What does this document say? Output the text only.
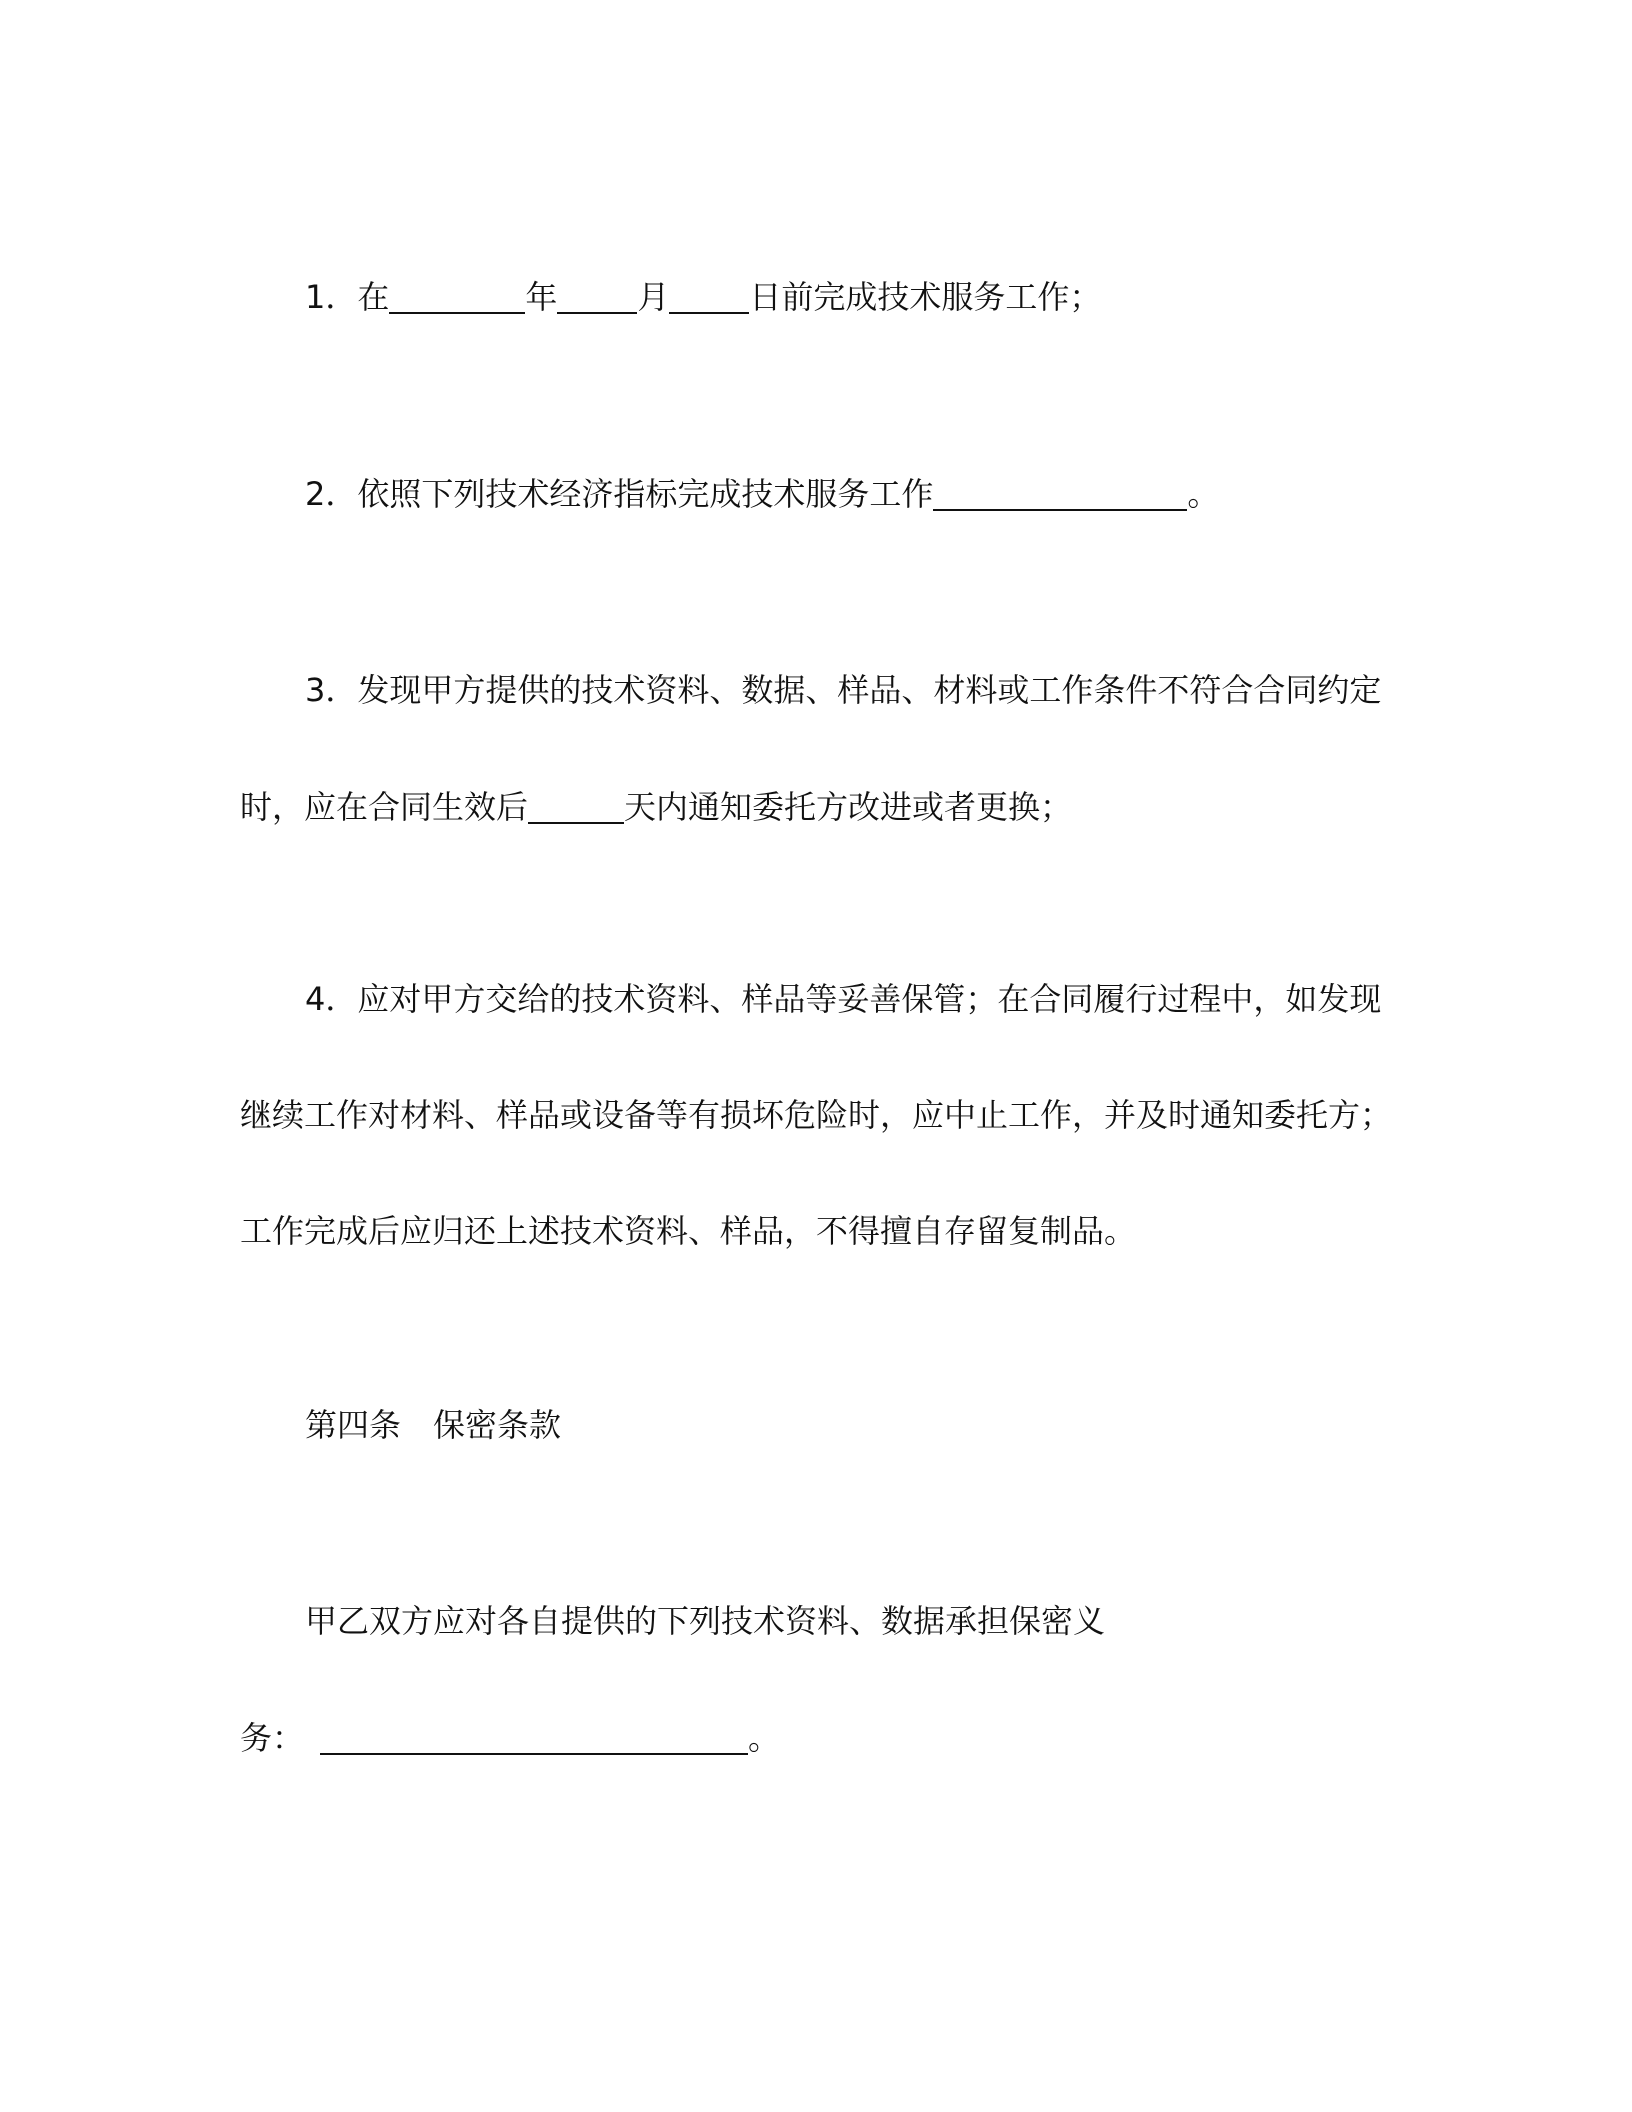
1．在	年	月	日前完成技术服务工作；
2．依照下列技术经济指标完成技术服务工作	。
3．发现甲方提供的技术资料、数据、样品、材料或工作条件不符合合同约定
时，应在合同生效后	天内通知委托方改进或者更换；
4．应对甲方交给的技术资料、样品等妥善保管；在合同履行过程中，如发现
继续工作对材料、样品或设备等有损坏危险时，应中止工作，并及时通知委托方；
工作完成后应归还上述技术资料、样品，不得擅自存留复制品。
第四条　保密条款
甲乙双方应对各自提供的下列技术资料、数据承担保密义
务：	。
